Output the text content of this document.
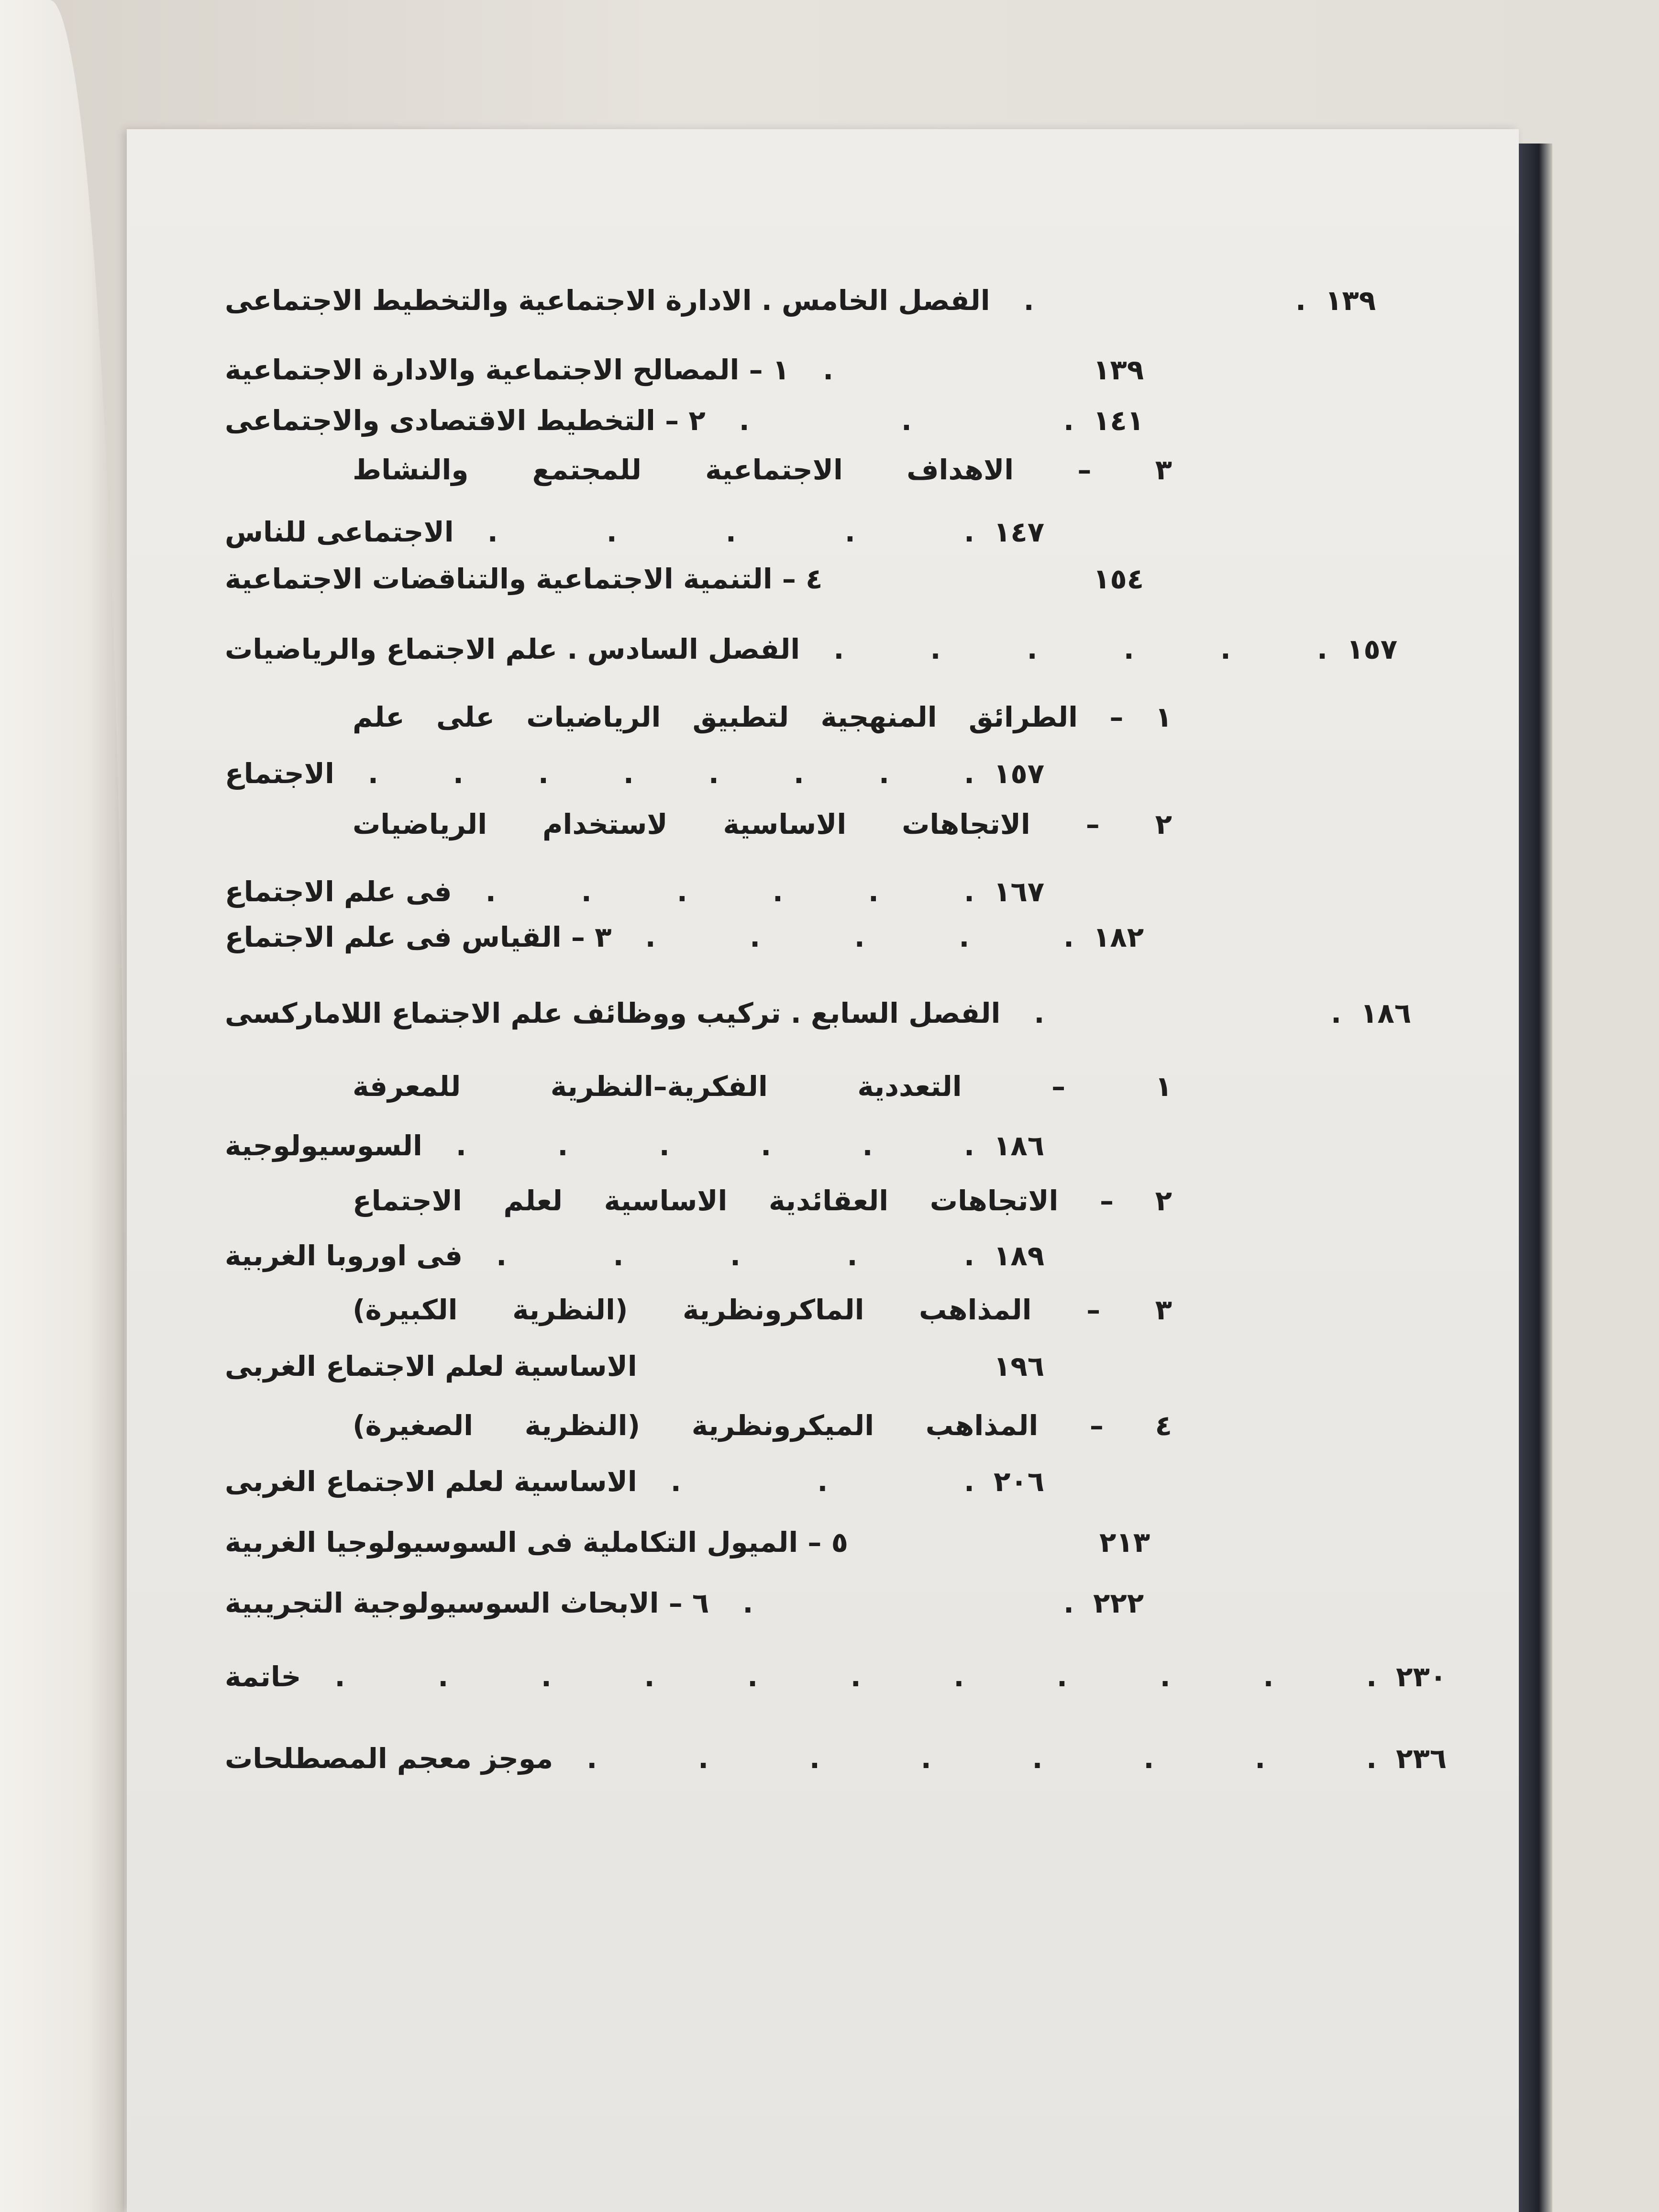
الفصل الخامس . الادارة الاجتماعية والتخطيط الاجتماعى .	. ١٣٩
١ – المصالح الاجتماعية والادارة الاجتماعية .	١٣٩
٢ – التخطيط الاقتصادى والاجتماعى .	.	. ١٤١
٣ – الاهداف الاجتماعية للمجتمع والنشاط
الاجتماعى للناس .	.	.	.	. ١٤٧
٤ – التنمية الاجتماعية والتناقضات الاجتماعية	١٥٤
الفصل السادس . علم الاجتماع والرياضيات .	.	.	.	.	. ١٥٧
١ – الطرائق المنهجية لتطبيق الرياضيات على علم
الاجتماع .	.	.	.	.	.	.	. ١٥٧
٢ – الاتجاهات الاساسية لاستخدام الرياضيات
فى علم الاجتماع .	.	.	.	.	. ١٦٧
٣ – القياس فى علم الاجتماع .	.	.	.	. ١٨٢
الفصل السابع . تركيب ووظائف علم الاجتماع اللاماركسى .	. ١٨٦
١ – التعددية الفكرية–النظرية للمعرفة
السوسيولوجية .	.	.	.	.	. ١٨٦
٢ – الاتجاهات العقائدية الاساسية لعلم الاجتماع
فى اوروبا الغربية .	.	.	.	. ١٨٩
٣ – المذاهب الماكرونظرية (النظرية الكبيرة)
الاساسية لعلم الاجتماع الغربى	١٩٦
٤ – المذاهب الميكرونظرية (النظرية الصغيرة)
الاساسية لعلم الاجتماع الغربى .	.	. ٢٠٦
٥ – الميول التكاملية فى السوسيولوجيا الغربية	٢١٣
٦ – الابحاث السوسيولوجية التجريبية .	. ٢٢٢
خاتمة .	.	.	.	.	.	.	.	.	.	. ٢٣٠
موجز معجم المصطلحات .	.	.	.	.	.	.	. ٢٣٦
